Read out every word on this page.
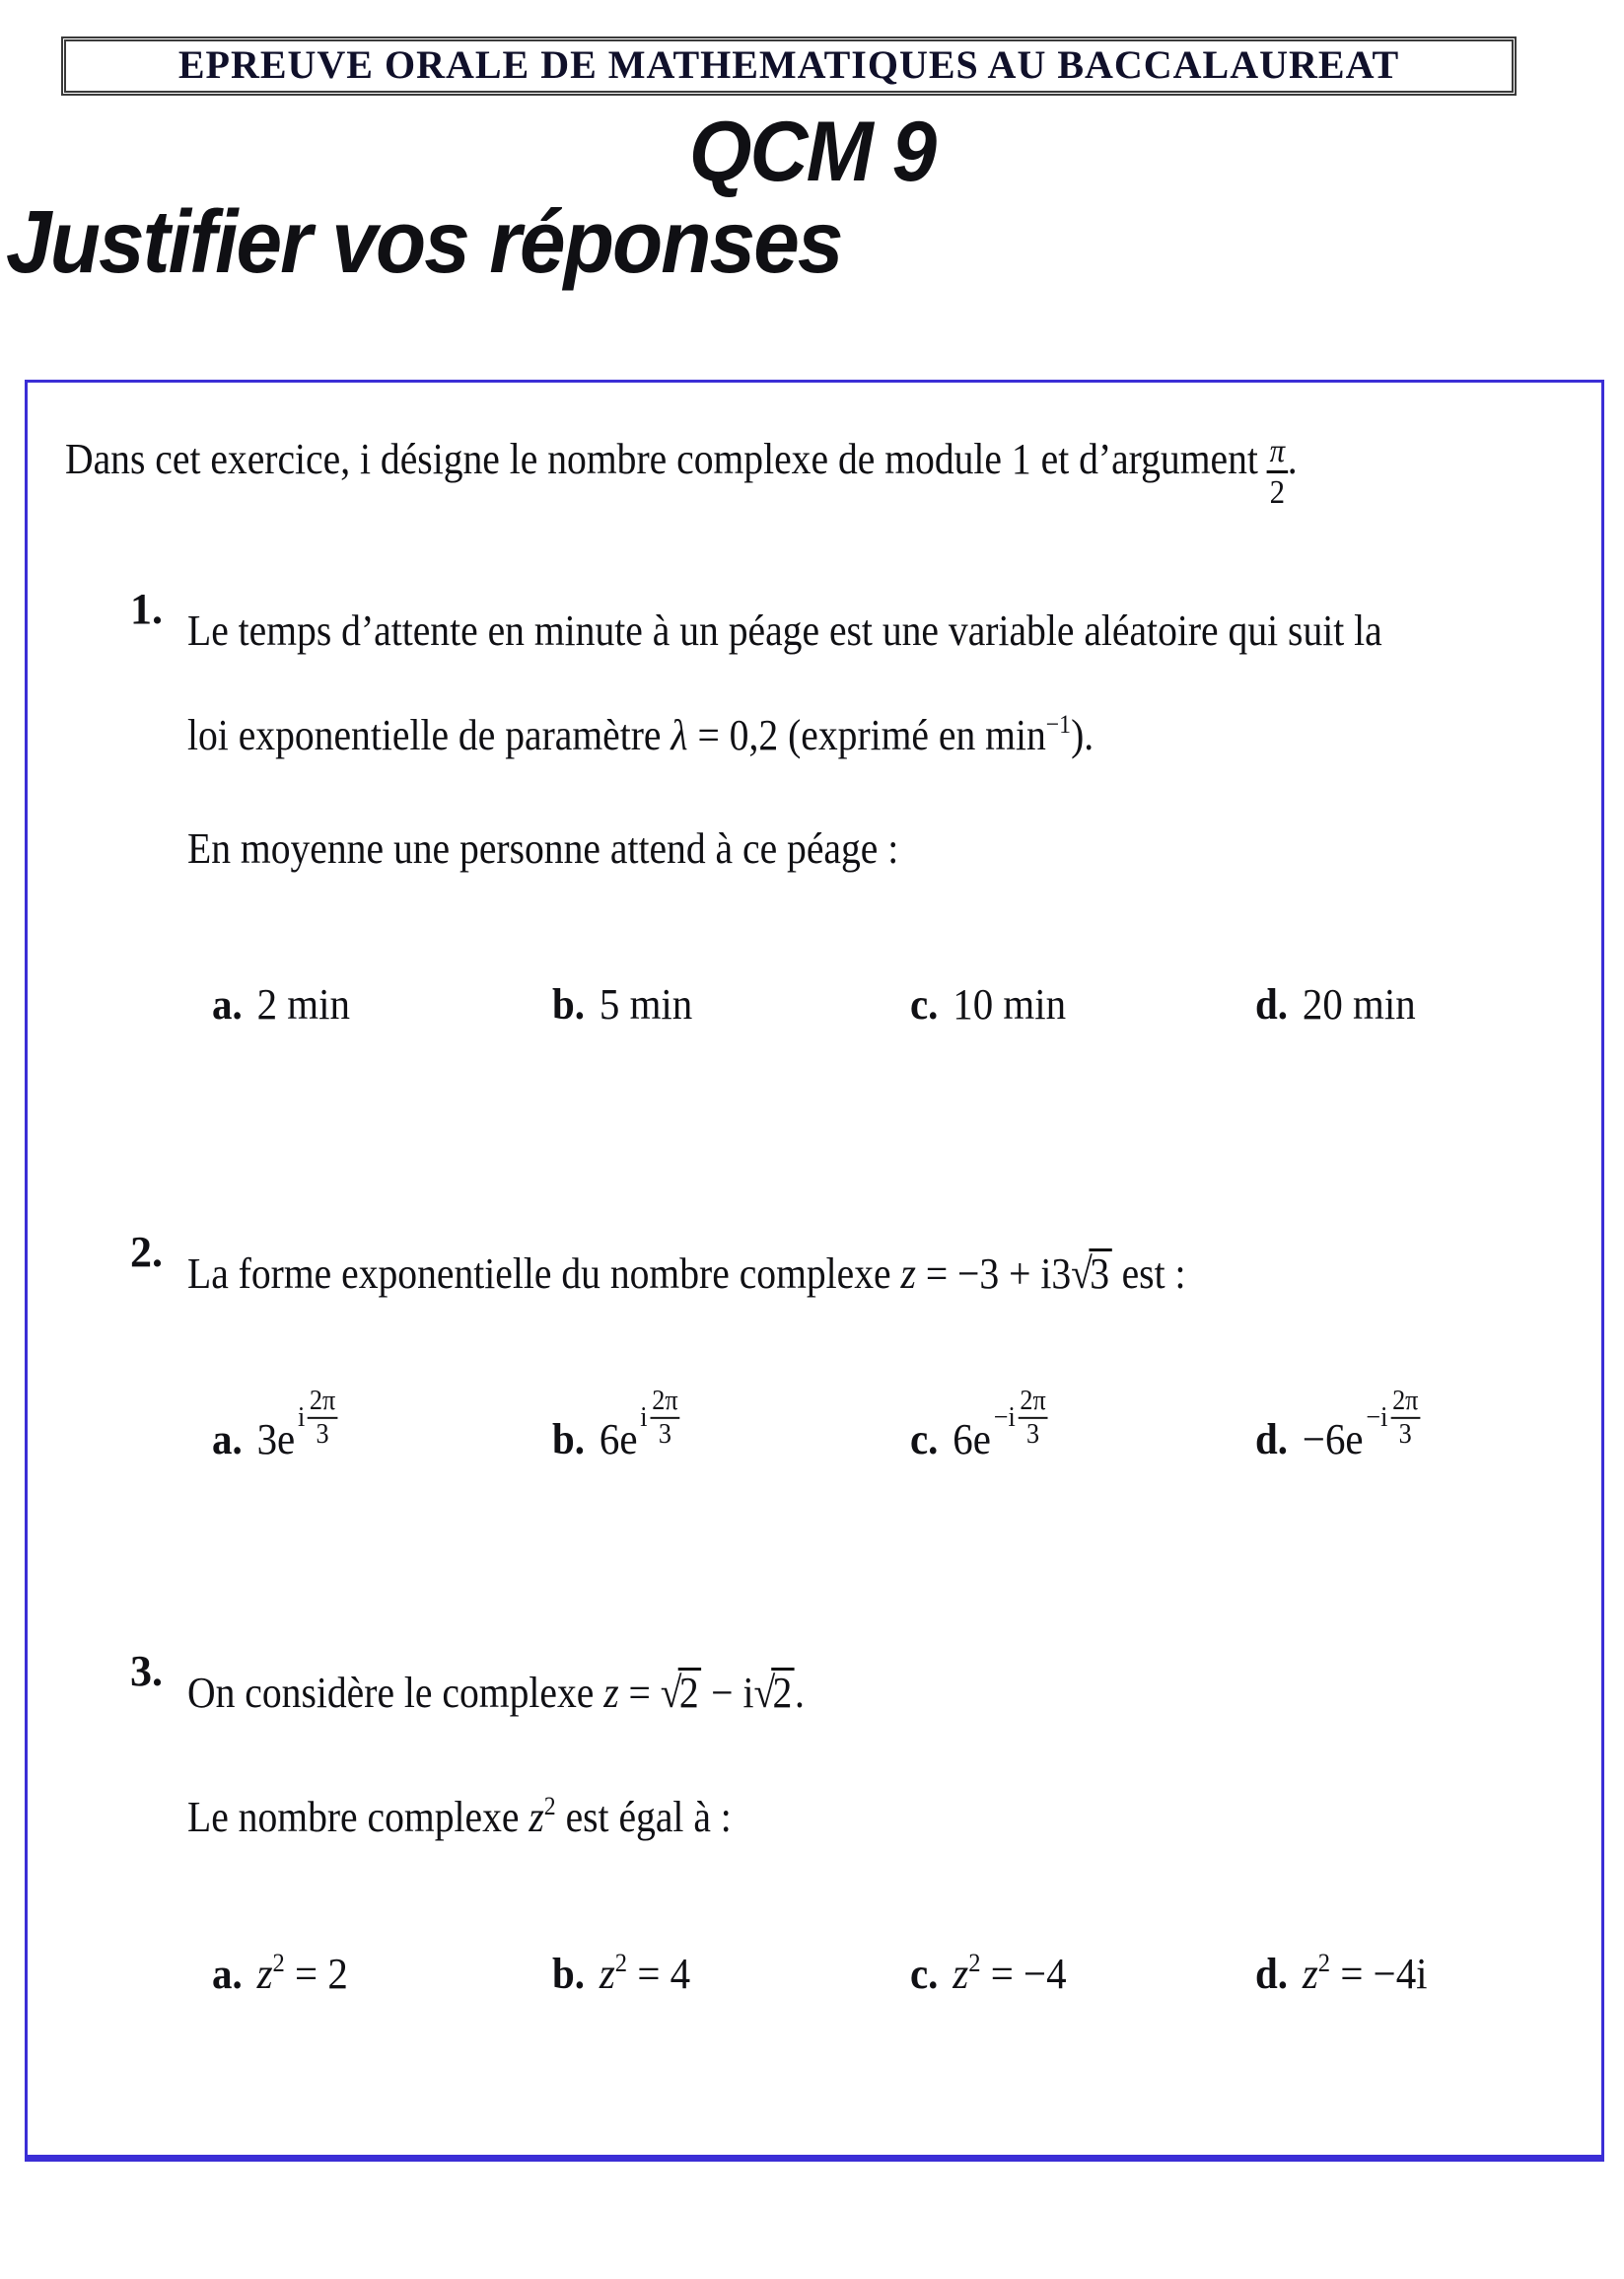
EPREUVE ORALE DE MATHEMATIQUES AU BACCALAUREAT
QCM 9
Justifier vos réponses
Dans cet exercice, i désigne le nombre complexe de module 1 et d’argument $\frac{\pi}{2}$ .
1. Le temps d’attente en minute à un péage est une variable aléatoire qui suit la
loi exponentielle de paramètre λ = 0,2 (exprimé en $\min^{-1}$).
En moyenne une personne attend à ce péage :
a. 2 min	b. 5 min	c. 10 min	d. 20 min
2. La forme exponentielle du nombre complexe z = −3 + i3√3 est :
a. 3e i $\frac{2\pi}{3}$	b. 6e i $\frac{2\pi}{3}$	c. $6e -i \frac{2\pi}{3}$	d. $-6e -i \frac{2\pi}{3}$
3. On considère le complexe z = √2 − i√2.
Le nombre complexe $z^2$ est égal à :
a. $z^2 = 2$	b. $z^2 = 4$	c. $z^2 = -4$	d. $z^2 = -4i$
